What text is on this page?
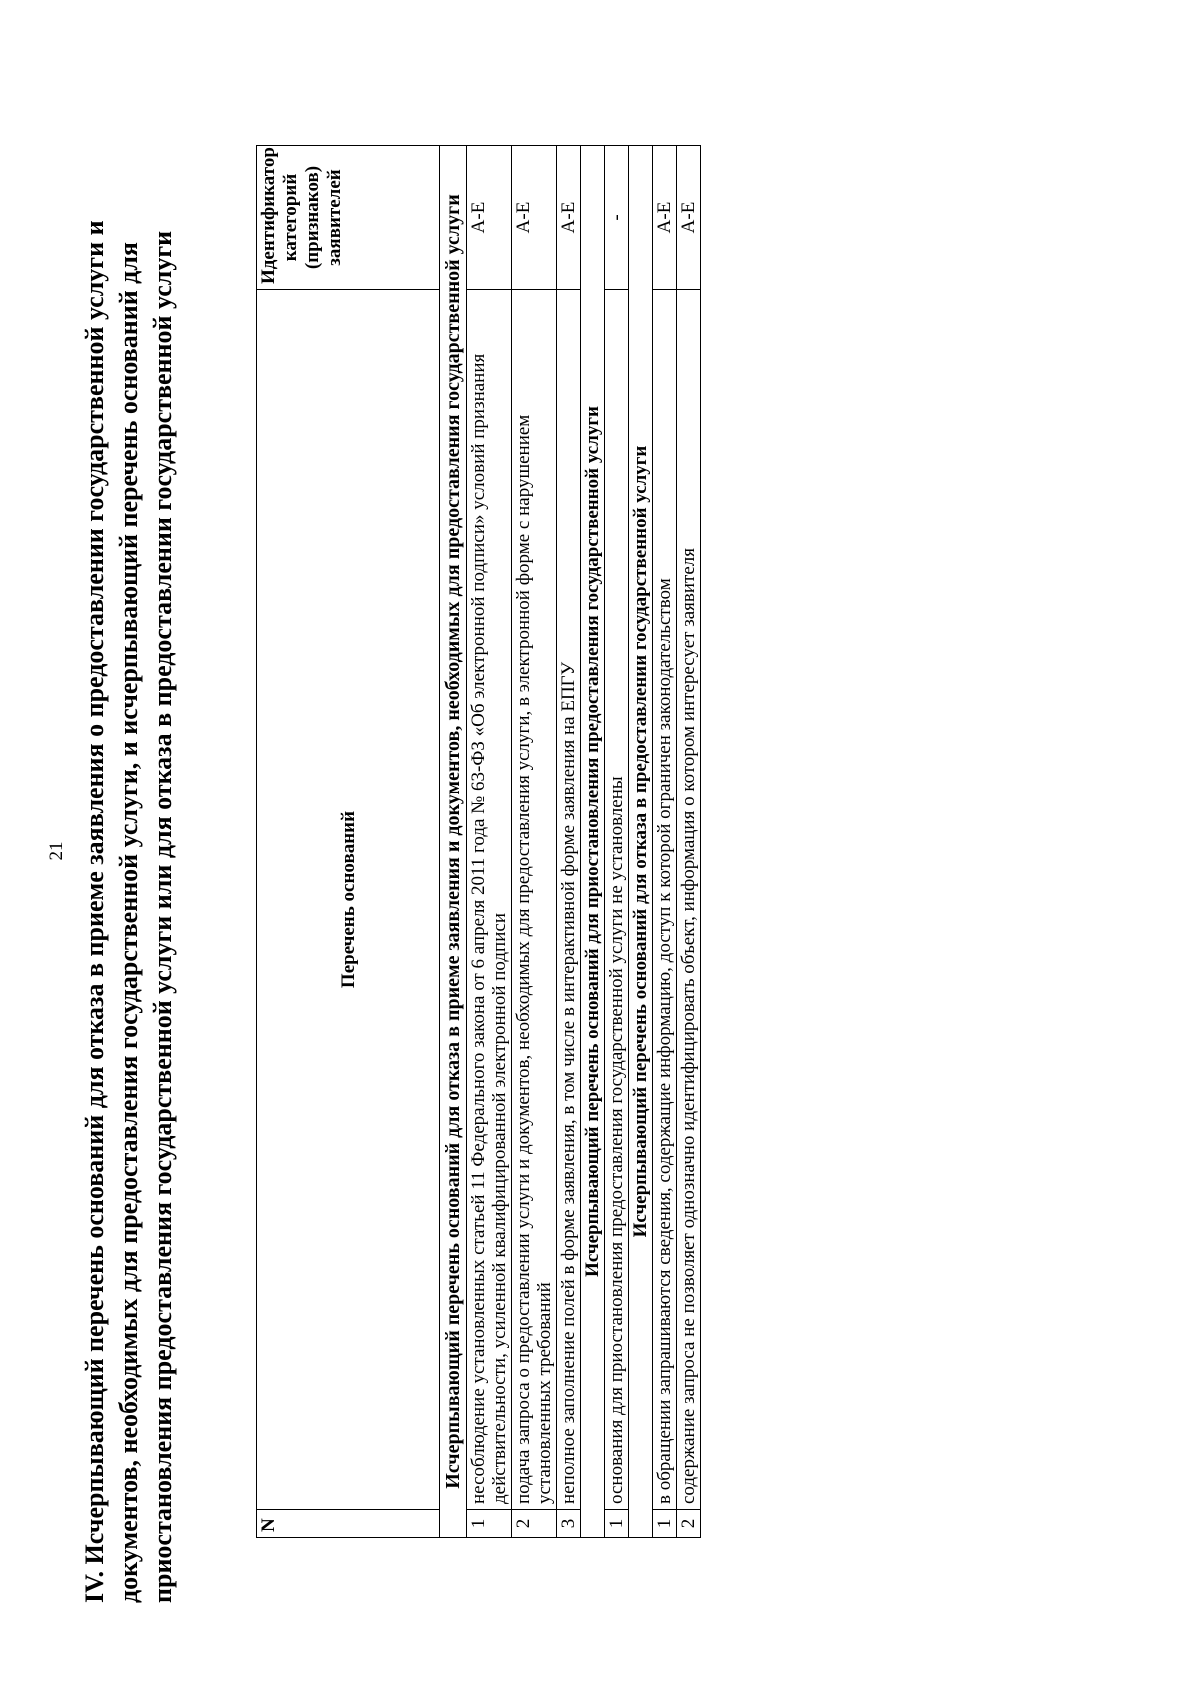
21 IV. Исчерпывающий перечень оснований для отказа в приеме заявления о предоставлении государственной услуги и документов, необходимых для предоставления государственной услуги, и исчерпывающий перечень оснований для приостановления предоставления государственной услуги или для отказа в предоставлении государственной услуги	N	Перечень оснований	Идентификатор категорий (признаков) заявителей
Исчерпывающий перечень оснований для отказа в приеме заявления и документов, необходимых для предоставления государственной услуги		
1	несоблюдение установленных статьей 11 Федерального закона от 6 апреля 2011 года № 63-ФЗ «Об электронной подписи» условий признания действительности, усиленной квалифицированной электронной подписи	А-Е
2	подача запроса о предоставлении услуги и документов, необходимых для предоставления услуги, в электронной форме с нарушением установленных требований	А-Е
3	неполное заполнение полей в форме заявления, в том числе в интерактивной форме заявления на ЕПГУ	А-Е
Исчерпывающий перечень оснований для приостановления предоставления государственной услуги		
1	основания для приостановления предоставления государственной услуги не установлены	-
Исчерпывающий перечень оснований для отказа в предоставлении государственной услуги		
1	в обращении запрашиваются сведения, содержащие информацию, доступ к которой ограничен законодательством	А-Е
2	содержание запроса не позволяет однозначно идентифицировать объект, информация о котором интересует заявителя	А-Е
